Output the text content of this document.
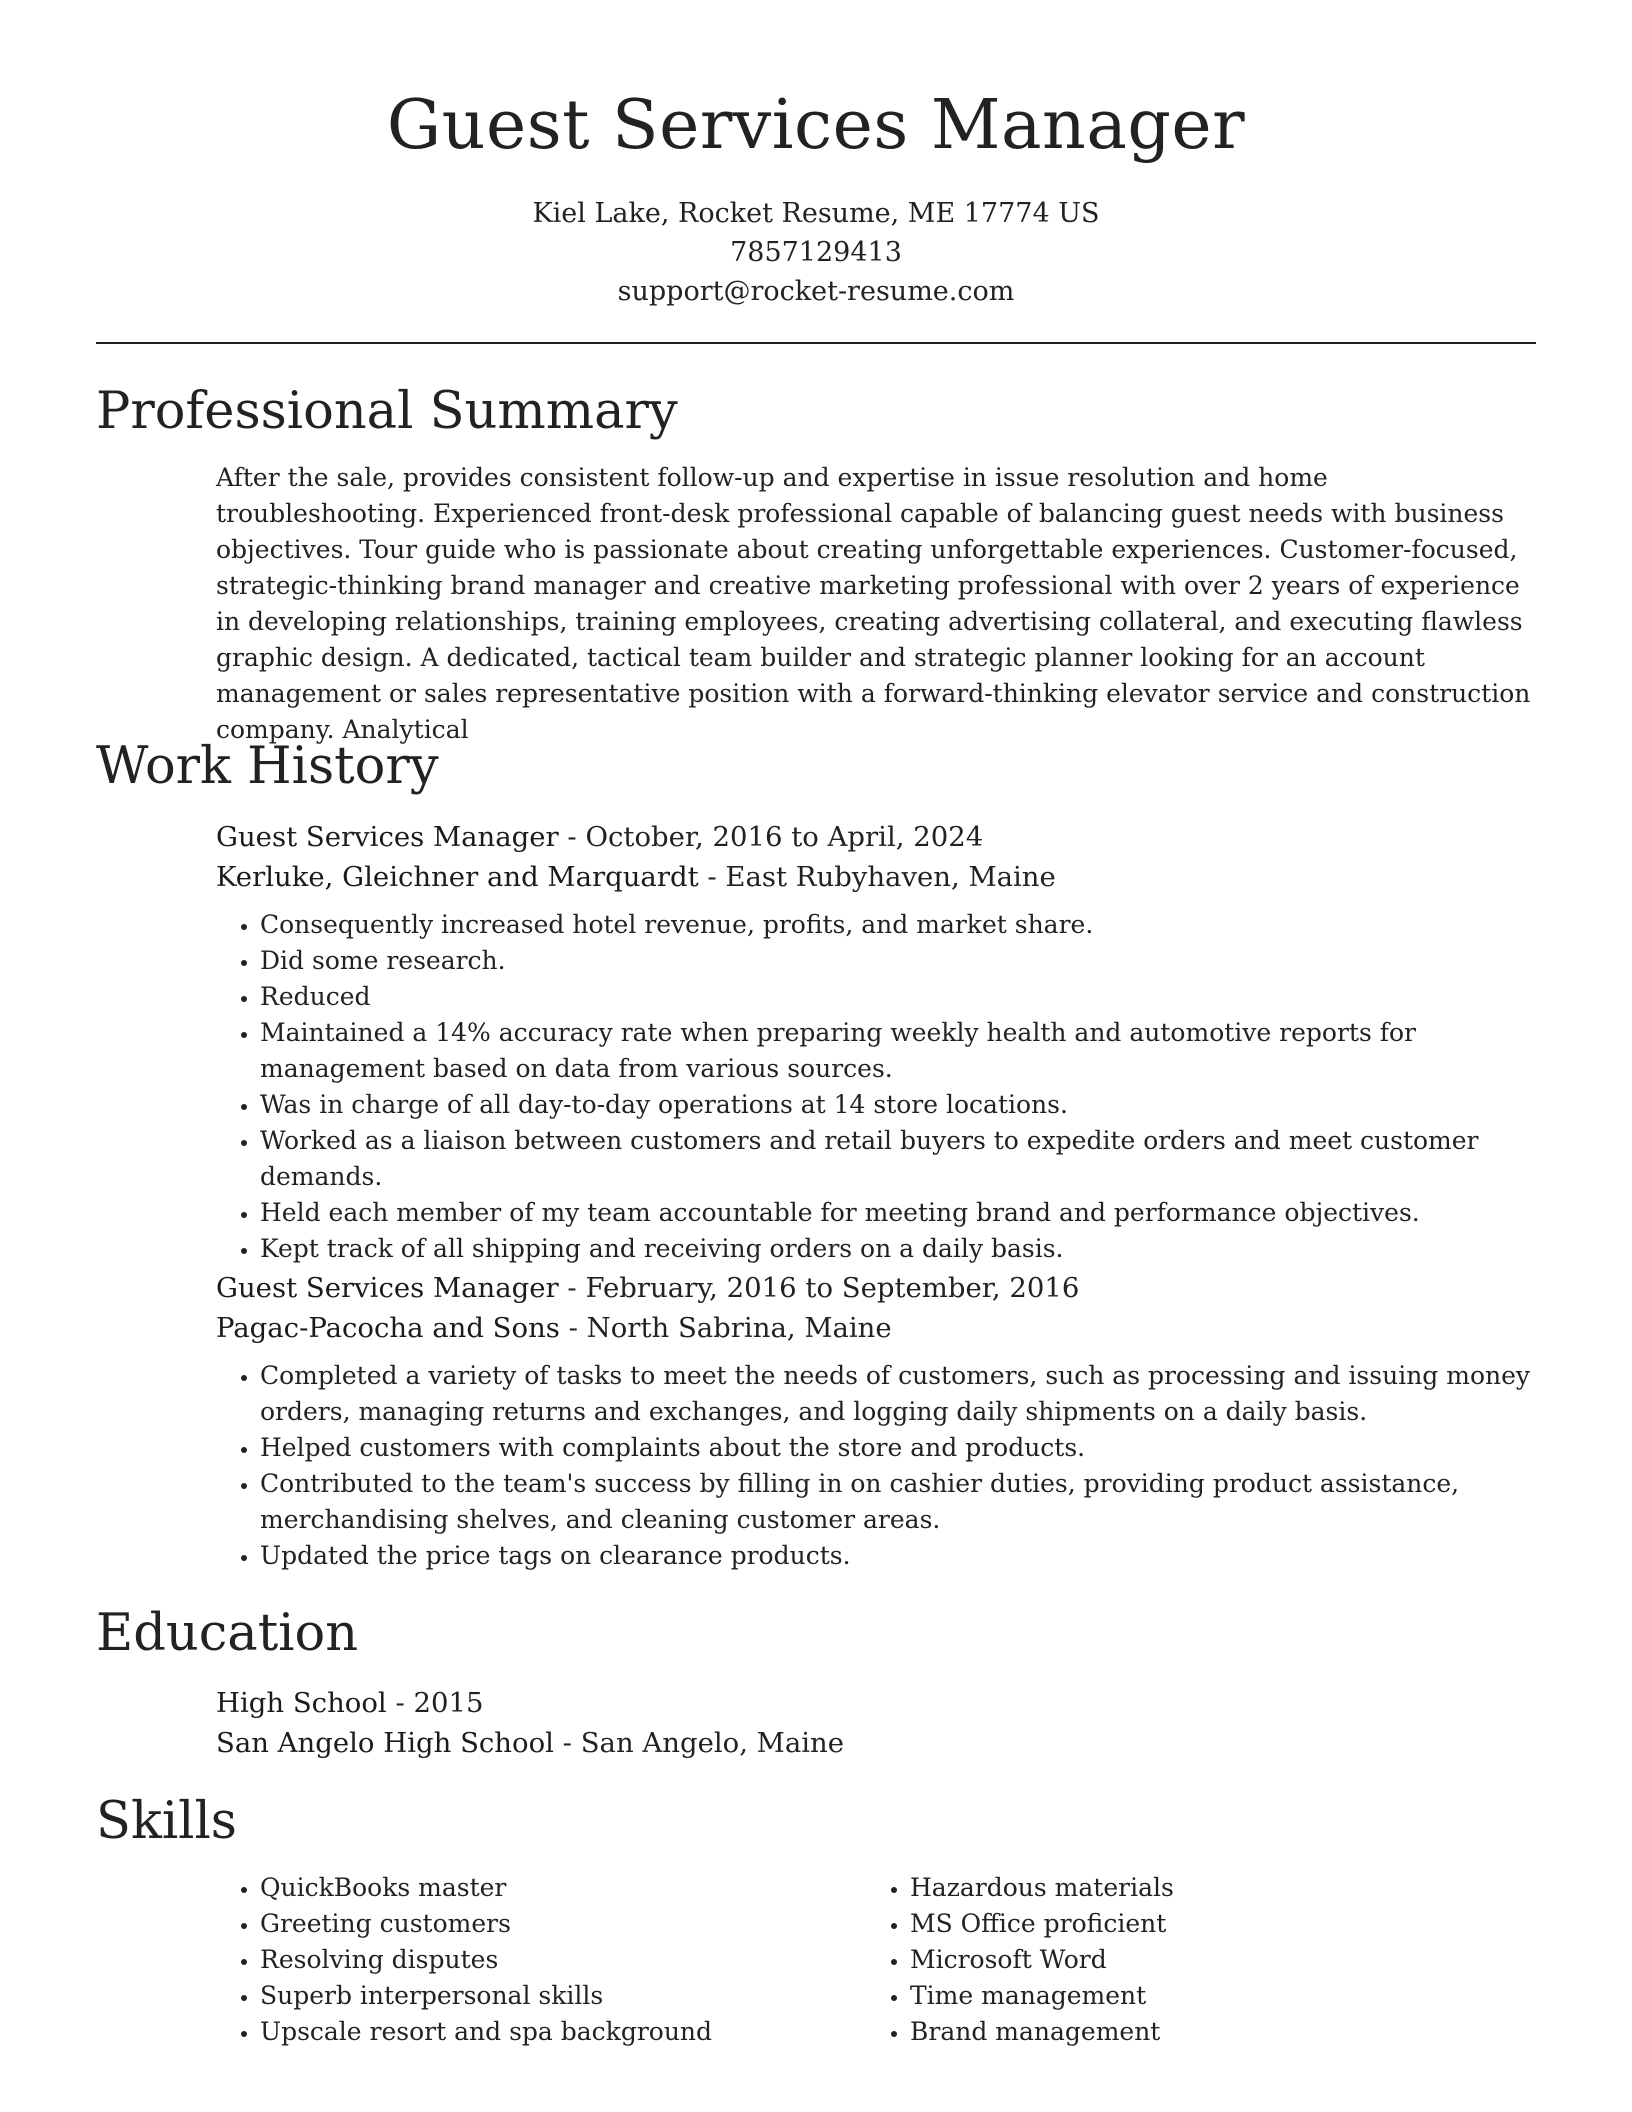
Guest Services Manager
Kiel Lake, Rocket Resume, ME 17774 US
7857129413
support@rocket-resume.com
Professional Summary
After the sale, provides consistent follow-up and expertise in issue resolution and home troubleshooting. Experienced front-desk professional capable of balancing guest needs with business objectives. Tour guide who is passionate about creating unforgettable experiences. Customer-focused, strategic-thinking brand manager and creative marketing professional with over 2 years of experience in developing relationships, training employees, creating advertising collateral, and executing flawless graphic design. A dedicated, tactical team builder and strategic planner looking for an account management or sales representative position with a forward-thinking elevator service and construction company. Analytical
Work History
Guest Services Manager - October, 2016 to April, 2024
Kerluke, Gleichner and Marquardt - East Rubyhaven, Maine
• Consequently increased hotel revenue, profits, and market share.
• Did some research.
• Reduced
• Maintained a 14% accuracy rate when preparing weekly health and automotive reports for management based on data from various sources.
• Was in charge of all day-to-day operations at 14 store locations.
• Worked as a liaison between customers and retail buyers to expedite orders and meet customer demands.
• Held each member of my team accountable for meeting brand and performance objectives.
• Kept track of all shipping and receiving orders on a daily basis.
Guest Services Manager - February, 2016 to September, 2016
Pagac-Pacocha and Sons - North Sabrina, Maine
• Completed a variety of tasks to meet the needs of customers, such as processing and issuing money orders, managing returns and exchanges, and logging daily shipments on a daily basis.
• Helped customers with complaints about the store and products.
• Contributed to the team's success by filling in on cashier duties, providing product assistance, merchandising shelves, and cleaning customer areas.
• Updated the price tags on clearance products.
Education
High School - 2015
San Angelo High School - San Angelo, Maine
Skills
• QuickBooks master
• Greeting customers
• Resolving disputes
• Superb interpersonal skills
• Upscale resort and spa background
• Hazardous materials
• MS Office proficient
• Microsoft Word
• Time management
• Brand management
